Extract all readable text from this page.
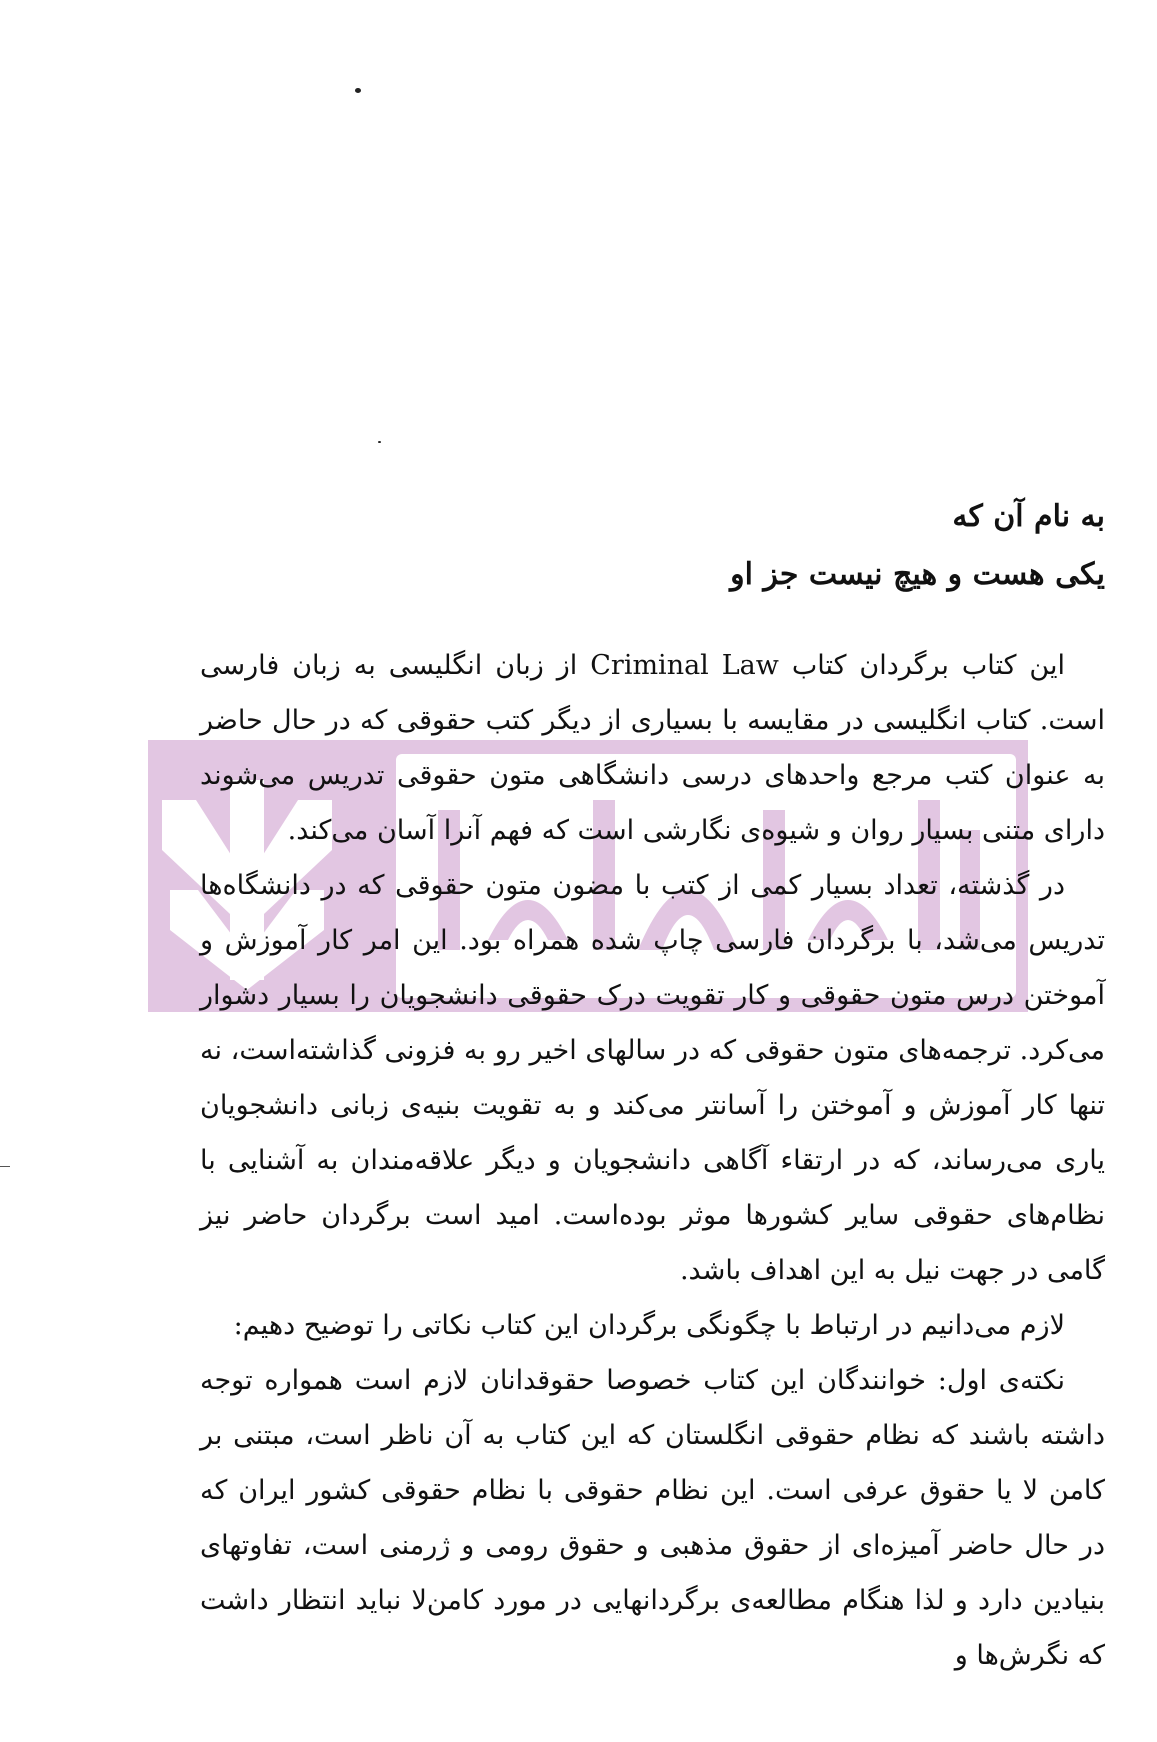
به نام آن که
یکی هست و هیچ نیست جز او

این کتاب برگردان کتاب Criminal Law از زبان انگلیسی به زبان فارسی است. کتاب انگلیسی در مقایسه با بسیاری از دیگر کتب حقوقی که در حال حاضر به عنوان کتب مرجع واحدهای درسی دانشگاهی متون حقوقی تدریس می‌شوند دارای متنی بسیار روان و شیوه‌ی نگارشی است که فهم آنرا آسان می‌کند.

در گذشته، تعداد بسیار کمی از کتب با مضون متون حقوقی که در دانشگاه‌ها تدریس می‌شد، با برگردان فارسی چاپ شده همراه بود. این امر کار آموزش و آموختن درس متون حقوقی و کار تقویت درک حقوقی دانشجویان را بسیار دشوار می‌کرد. ترجمه‌های متون حقوقی که در سالهای اخیر رو به فزونی گذاشته‌است، نه تنها کار آموزش و آموختن را آسانتر می‌کند و به تقویت بنیه‌ی زبانی دانشجویان یاری می‌رساند، که در ارتقاء آگاهی دانشجویان و دیگر علاقه‌مندان به آشنایی با نظام‌های حقوقی سایر کشورها موثر بوده‌است. امید است برگردان حاضر نیز گامی در جهت نیل به این اهداف باشد.

لازم می‌دانیم در ارتباط با چگونگی برگردان این کتاب نکاتی را توضیح دهیم:

نکته‌ی اول: خوانندگان این کتاب خصوصا حقوقدانان لازم است همواره توجه داشته باشند که نظام حقوقی انگلستان که این کتاب به آن ناظر است، مبتنی بر کامن لا یا حقوق عرفی است. این نظام حقوقی با نظام حقوقی کشور ایران که در حال حاضر آمیزه‌ای از حقوق مذهبی و حقوق رومی و ژرمنی است، تفاوتهای بنیادین دارد و لذا هنگام مطالعه‌ی برگردانهایی در مورد کامن‌لا نباید انتظار داشت که نگرش‌ها و
